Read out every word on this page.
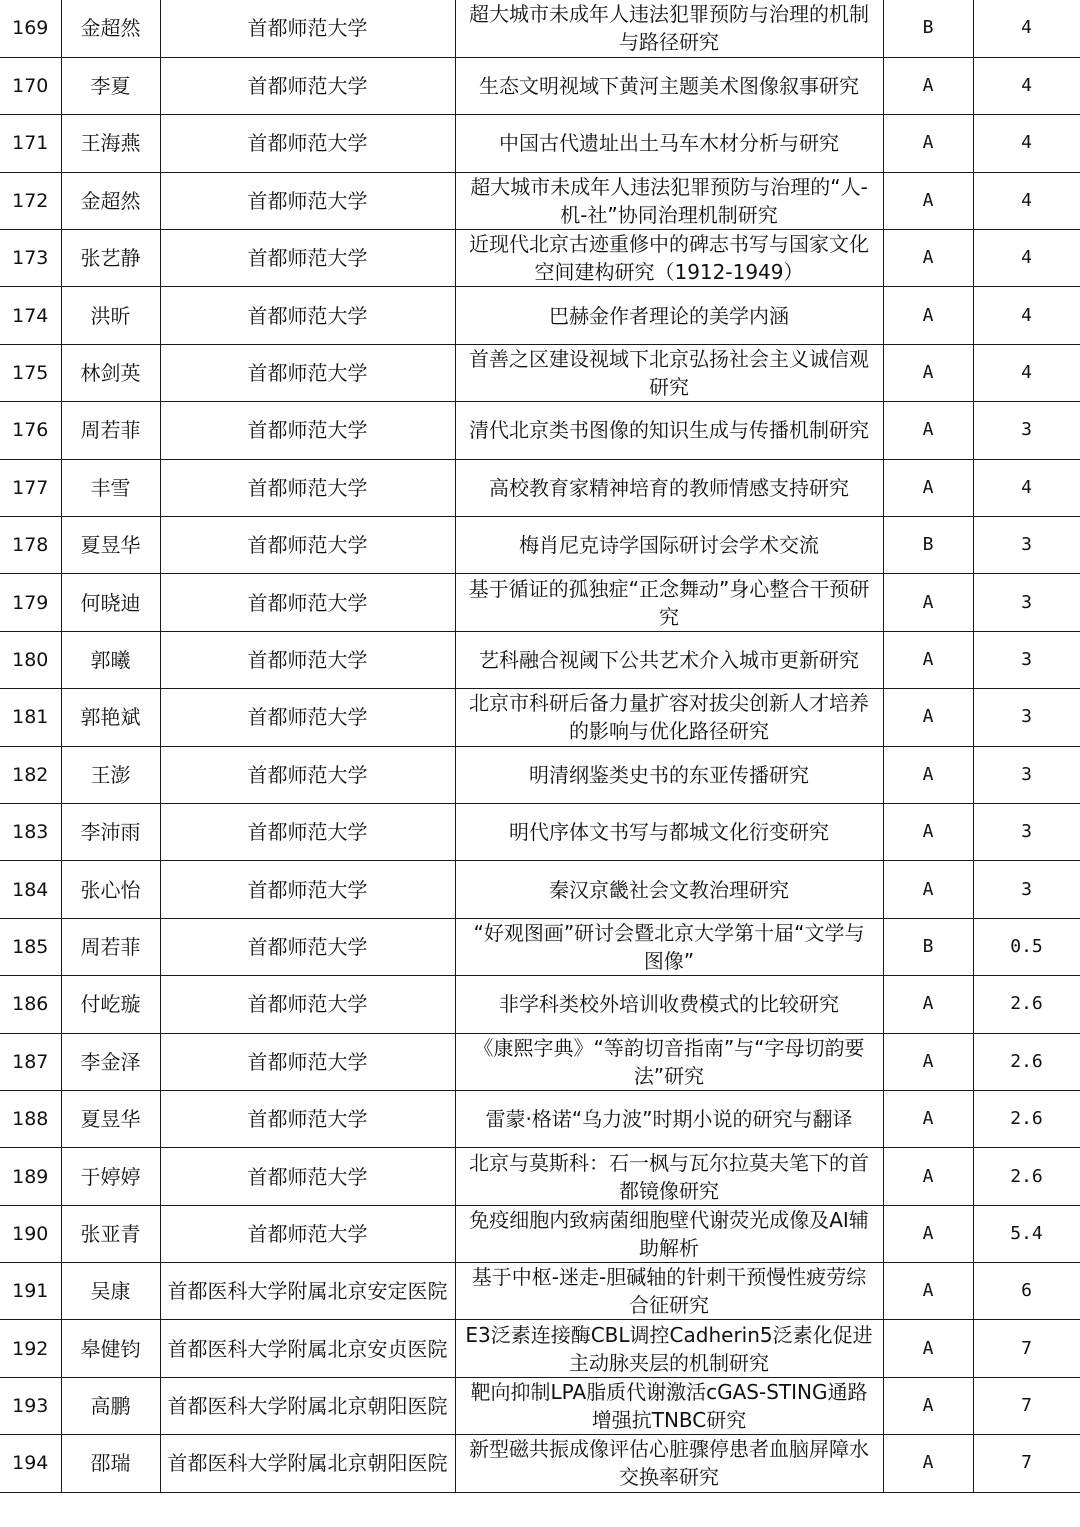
169	金超然	首都师范大学	超大城市未成年人违法犯罪预防与治理的机制与路径研究	B	4
170	李夏	首都师范大学	生态文明视域下黄河主题美术图像叙事研究	A	4
171	王海燕	首都师范大学	中国古代遗址出土马车木材分析与研究	A	4
172	金超然	首都师范大学	超大城市未成年人违法犯罪预防与治理的“人-机-社”协同治理机制研究	A	4
173	张艺静	首都师范大学	近现代北京古迹重修中的碑志书写与国家文化空间建构研究（1912-1949）	A	4
174	洪昕	首都师范大学	巴赫金作者理论的美学内涵	A	4
175	林剑英	首都师范大学	首善之区建设视域下北京弘扬社会主义诚信观研究	A	4
176	周若菲	首都师范大学	清代北京类书图像的知识生成与传播机制研究	A	3
177	丰雪	首都师范大学	高校教育家精神培育的教师情感支持研究	A	4
178	夏昱华	首都师范大学	梅肖尼克诗学国际研讨会学术交流	B	3
179	何晓迪	首都师范大学	基于循证的孤独症“正念舞动”身心整合干预研究	A	3
180	郭曦	首都师范大学	艺科融合视阈下公共艺术介入城市更新研究	A	3
181	郭艳斌	首都师范大学	北京市科研后备力量扩容对拔尖创新人才培养的影响与优化路径研究	A	3
182	王澎	首都师范大学	明清纲鉴类史书的东亚传播研究	A	3
183	李沛雨	首都师范大学	明代序体文书写与都城文化衍变研究	A	3
184	张心怡	首都师范大学	秦汉京畿社会文教治理研究	A	3
185	周若菲	首都师范大学	“好观图画”研讨会暨北京大学第十届“文学与图像”	B	0.5
186	付屹璇	首都师范大学	非学科类校外培训收费模式的比较研究	A	2.6
187	李金泽	首都师范大学	《康熙字典》“等韵切音指南”与“字母切韵要法”研究	A	2.6
188	夏昱华	首都师范大学	雷蒙·格诺“乌力波”时期小说的研究与翻译	A	2.6
189	于婷婷	首都师范大学	北京与莫斯科：石一枫与瓦尔拉莫夫笔下的首都镜像研究	A	2.6
190	张亚青	首都师范大学	免疫细胞内致病菌细胞壁代谢荧光成像及AI辅助解析	A	5.4
191	吴康	首都医科大学附属北京安定医院	基于中枢-迷走-胆碱轴的针刺干预慢性疲劳综合征研究	A	6
192	皋健钧	首都医科大学附属北京安贞医院	E3泛素连接酶CBL调控Cadherin5泛素化促进主动脉夹层的机制研究	A	7
193	高鹏	首都医科大学附属北京朝阳医院	靶向抑制LPA脂质代谢激活cGAS-STING通路增强抗TNBC研究	A	7
194	邵瑞	首都医科大学附属北京朝阳医院	新型磁共振成像评估心脏骤停患者血脑屏障水交换率研究	A	7
